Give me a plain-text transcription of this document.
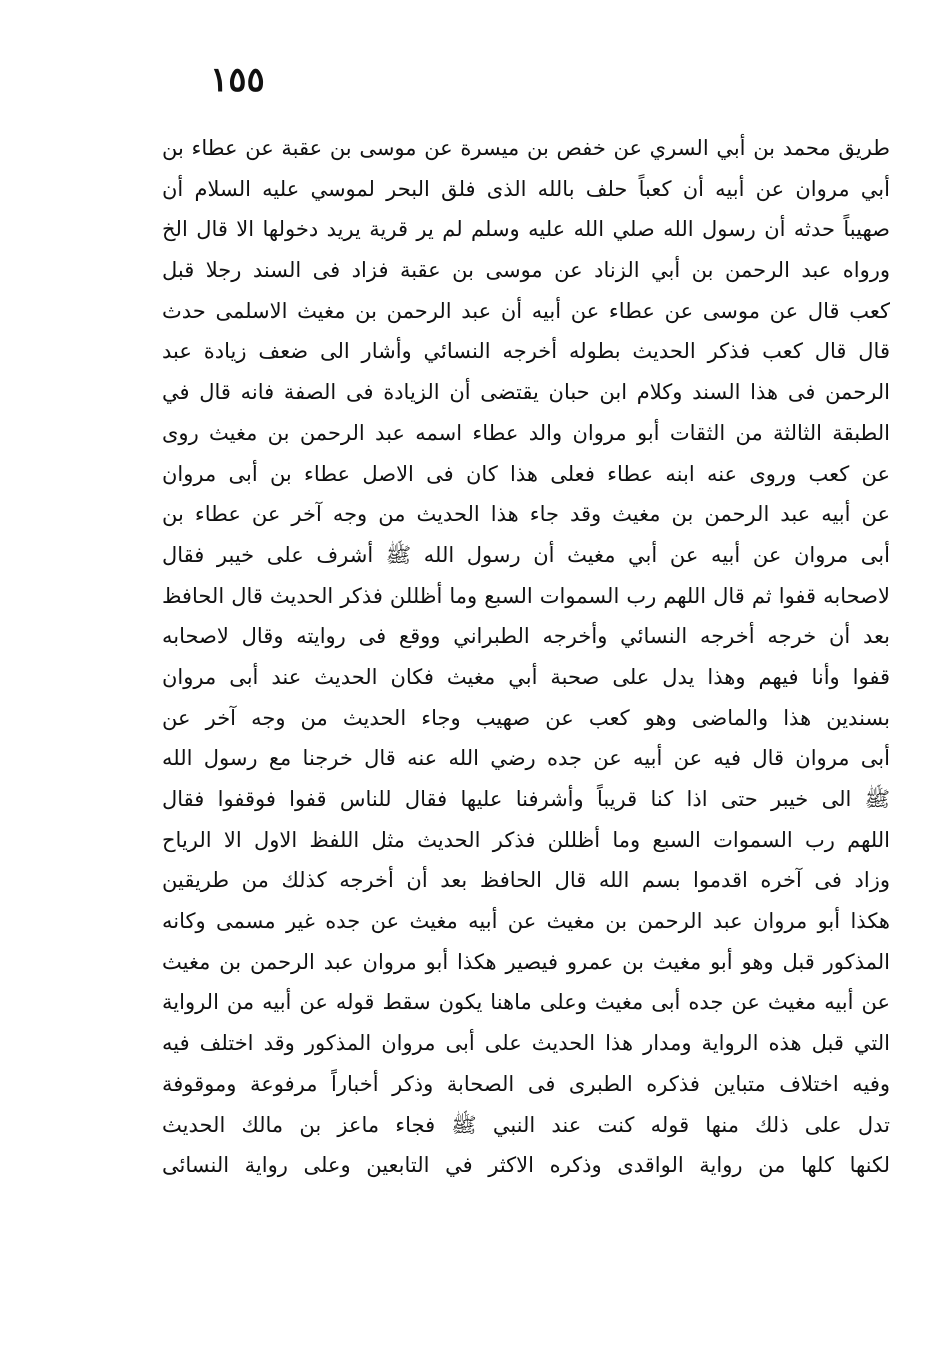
١٥٥
طريق محمد بن أبي السري عن خفص بن ميسرة عن موسى بن عقبة عن عطاء بن
أبي مروان عن أبيه أن كعباً حلف بالله الذى فلق البحر لموسي عليه السلام أن
صهيباً حدثه أن رسول الله صلي الله عليه وسلم لم ير قرية يريد دخولها الا قال الخ
ورواه عبد الرحمن بن أبي الزناد عن موسى بن عقبة فزاد فى السند رجلا قبل
كعب قال عن موسى عن عطاء عن أبيه أن عبد الرحمن بن مغيث الاسلمى حدث
قال قال كعب فذكر الحديث بطوله أخرجه النسائي وأشار الى ضعف زيادة عبد
الرحمن فى هذا السند وكلام ابن حبان يقتضى أن الزيادة فى الصفة فانه قال في
الطبقة الثالثة من الثقات أبو مروان والد عطاء اسمه عبد الرحمن بن مغيث روى
عن كعب وروى عنه ابنه عطاء فعلى هذا كان فى الاصل عطاء بن أبى مروان
عن أبيه عبد الرحمن بن مغيث وقد جاء هذا الحديث من وجه آخر عن عطاء بن
أبى مروان عن أبيه عن أبي مغيث أن رسول الله ﷺ أشرف على خيبر فقال
لاصحابه قفوا ثم قال اللهم رب السموات السبع وما أظللن فذكر الحديث قال الحافظ
بعد أن خرجه أخرجه النسائي وأخرجه الطبراني ووقع فى روايته وقال لاصحابه
قفوا وأنا فيهم وهذا يدل على صحبة أبي مغيث فكان الحديث عند أبى مروان
بسندين هذا والماضى وهو كعب عن صهيب وجاء الحديث من وجه آخر عن
أبى مروان قال فيه عن أبيه عن جده رضي الله عنه قال خرجنا مع رسول الله
ﷺ الى خيبر حتى اذا كنا قريباً وأشرفنا عليها فقال للناس قفوا فوقفوا فقال
اللهم رب السموات السبع وما أظللن فذكر الحديث مثل اللفظ الاول الا الرياح
وزاد فى آخره اقدموا بسم الله قال الحافظ بعد أن أخرجه كذلك من طريقين
هكذا أبو مروان عبد الرحمن بن مغيث عن أبيه مغيث عن جده غير مسمى وكانه
المذكور قبل وهو أبو مغيث بن عمرو فيصير هكذا أبو مروان عبد الرحمن بن مغيث
عن أبيه مغيث عن جده أبى مغيث وعلى ماهنا يكون سقط قوله عن أبيه من الرواية
التي قبل هذه الرواية ومدار هذا الحديث على أبى مروان المذكور وقد اختلف فيه
وفيه اختلاف متباين فذكره الطبرى فى الصحابة وذكر أخباراً مرفوعة وموقوفة
تدل على ذلك منها قوله كنت عند النبي ﷺ فجاء ماعز بن مالك الحديث
لكنها كلها من رواية الواقدى وذكره الاكثر في التابعين وعلى رواية النسائى
